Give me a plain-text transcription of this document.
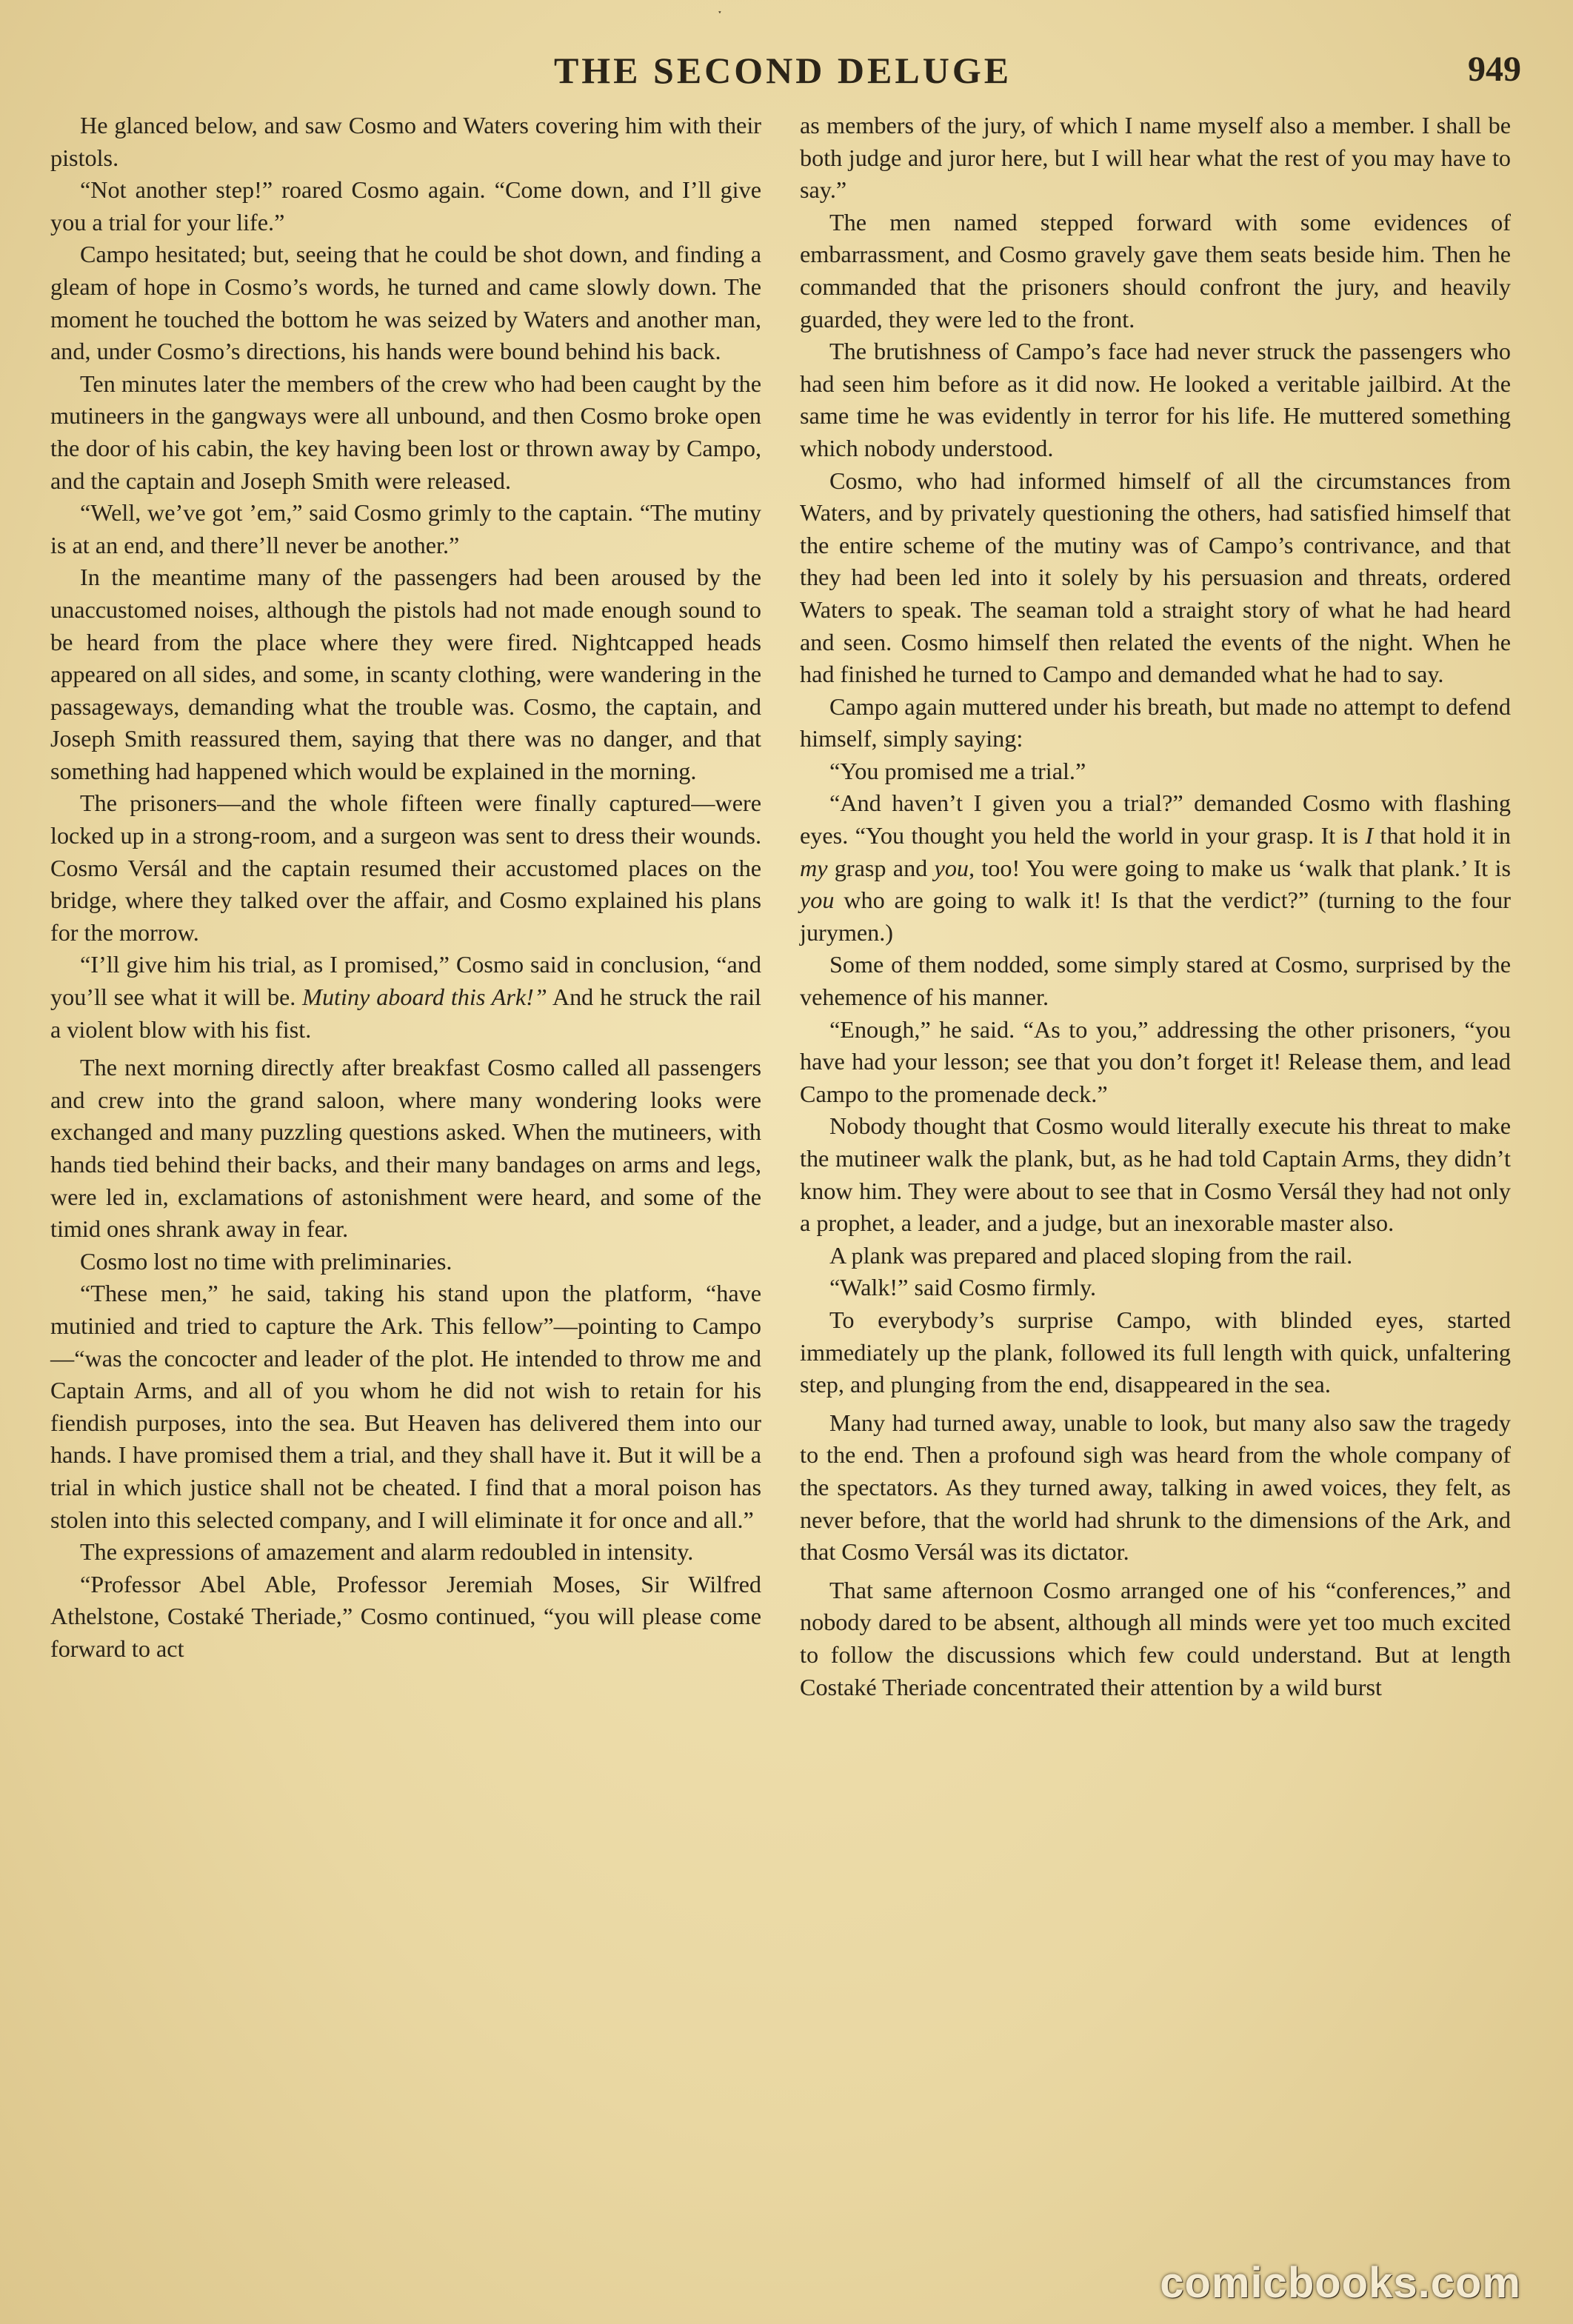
ˑ
THE SECOND DELUGE	949

He glanced below, and saw Cosmo and Waters covering him with their pistols.

“Not another step!” roared Cosmo again. “Come down, and I’ll give you a trial for your life.”

Campo hesitated; but, seeing that he could be shot down, and finding a gleam of hope in Cosmo’s words, he turned and came slowly down. The moment he touched the bottom he was seized by Waters and another man, and, under Cosmo’s directions, his hands were bound behind his back.

Ten minutes later the members of the crew who had been caught by the mutineers in the gangways were all unbound, and then Cosmo broke open the door of his cabin, the key having been lost or thrown away by Campo, and the captain and Joseph Smith were released.

“Well, we’ve got ’em,” said Cosmo grimly to the captain. “The mutiny is at an end, and there’ll never be another.”

In the meantime many of the passengers had been aroused by the unaccustomed noises, although the pistols had not made enough sound to be heard from the place where they were fired. Nightcapped heads appeared on all sides, and some, in scanty clothing, were wandering in the passageways, demanding what the trouble was. Cosmo, the captain, and Joseph Smith reassured them, saying that there was no danger, and that something had happened which would be explained in the morning.

The prisoners—and the whole fifteen were finally captured—were locked up in a strong-room, and a surgeon was sent to dress their wounds. Cosmo Versál and the captain resumed their accustomed places on the bridge, where they talked over the affair, and Cosmo explained his plans for the morrow.

“I’ll give him his trial, as I promised,” Cosmo said in conclusion, “and you’ll see what it will be. Mutiny aboard this Ark!” And he struck the rail a violent blow with his fist.

The next morning directly after breakfast Cosmo called all passengers and crew into the grand saloon, where many wondering looks were exchanged and many puzzling questions asked. When the mutineers, with hands tied behind their backs, and their many bandages on arms and legs, were led in, exclamations of astonishment were heard, and some of the timid ones shrank away in fear.

Cosmo lost no time with preliminaries.

“These men,” he said, taking his stand upon the platform, “have mutinied and tried to capture the Ark. This fellow”—pointing to Campo—“was the concocter and leader of the plot. He intended to throw me and Captain Arms, and all of you whom he did not wish to retain for his fiendish purposes, into the sea. But Heaven has delivered them into our hands. I have promised them a trial, and they shall have it. But it will be a trial in which justice shall not be cheated. I find that a moral poison has stolen into this selected company, and I will eliminate it for once and all.”

The expressions of amazement and alarm redoubled in intensity.

“Professor Abel Able, Professor Jeremiah Moses, Sir Wilfred Athelstone, Costaké Theriade,” Cosmo continued, “you will please come forward to act

as members of the jury, of which I name myself also a member. I shall be both judge and juror here, but I will hear what the rest of you may have to say.”

The men named stepped forward with some evidences of embarrassment, and Cosmo gravely gave them seats beside him. Then he commanded that the prisoners should confront the jury, and heavily guarded, they were led to the front.

The brutishness of Campo’s face had never struck the passengers who had seen him before as it did now. He looked a veritable jailbird. At the same time he was evidently in terror for his life. He muttered something which nobody understood.

Cosmo, who had informed himself of all the circumstances from Waters, and by privately questioning the others, had satisfied himself that the entire scheme of the mutiny was of Campo’s contrivance, and that they had been led into it solely by his persuasion and threats, ordered Waters to speak. The seaman told a straight story of what he had heard and seen. Cosmo himself then related the events of the night. When he had finished he turned to Campo and demanded what he had to say.

Campo again muttered under his breath, but made no attempt to defend himself, simply saying:

“You promised me a trial.”

“And haven’t I given you a trial?” demanded Cosmo with flashing eyes. “You thought you held the world in your grasp. It is I that hold it in my grasp and you, too! You were going to make us ‘walk that plank.’ It is you who are going to walk it! Is that the verdict?” (turning to the four jurymen.)

Some of them nodded, some simply stared at Cosmo, surprised by the vehemence of his manner.

“Enough,” he said. “As to you,” addressing the other prisoners, “you have had your lesson; see that you don’t forget it! Release them, and lead Campo to the promenade deck.”

Nobody thought that Cosmo would literally execute his threat to make the mutineer walk the plank, but, as he had told Captain Arms, they didn’t know him. They were about to see that in Cosmo Versál they had not only a prophet, a leader, and a judge, but an inexorable master also.

A plank was prepared and placed sloping from the rail.

“Walk!” said Cosmo firmly.

To everybody’s surprise Campo, with blinded eyes, started immediately up the plank, followed its full length with quick, unfaltering step, and plunging from the end, disappeared in the sea.

Many had turned away, unable to look, but many also saw the tragedy to the end. Then a profound sigh was heard from the whole company of the spectators. As they turned away, talking in awed voices, they felt, as never before, that the world had shrunk to the dimensions of the Ark, and that Cosmo Versál was its dictator.

That same afternoon Cosmo arranged one of his “conferences,” and nobody dared to be absent, although all minds were yet too much excited to follow the discussions which few could understand. But at length Costaké Theriade concentrated their attention by a wild burst

comicbooks.com
